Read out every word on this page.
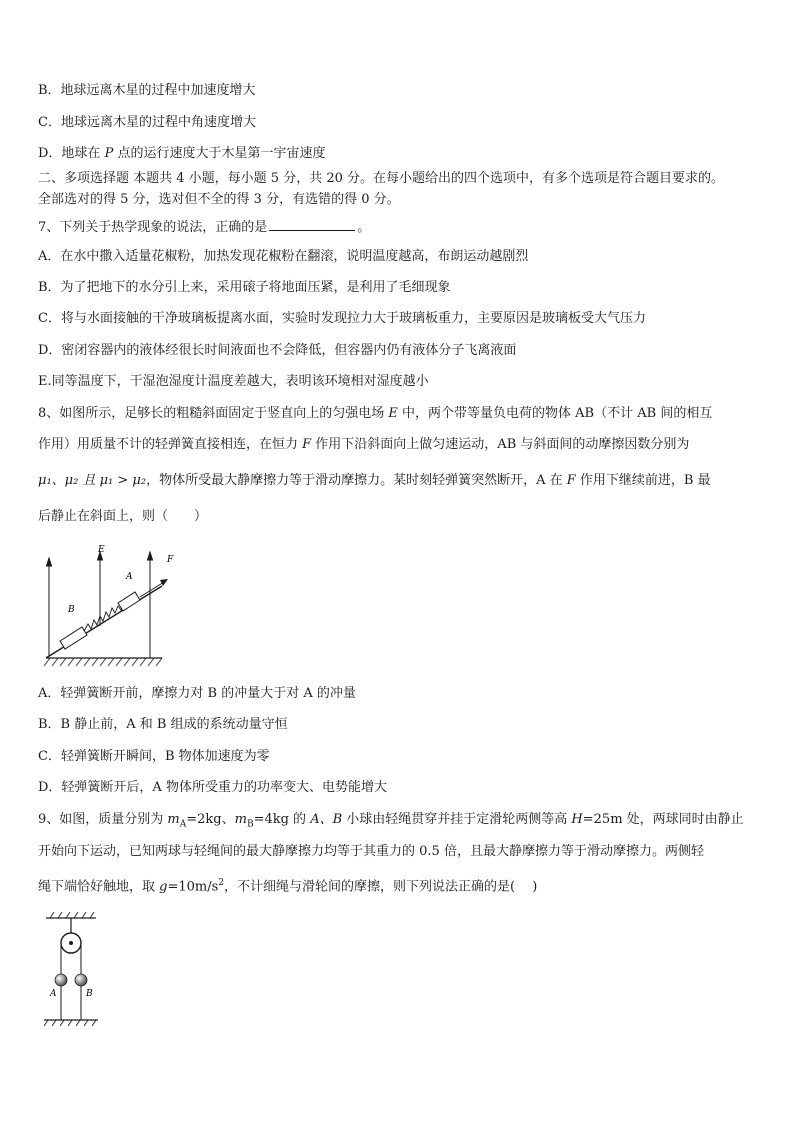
B．地球远离木星的过程中加速度增大
C．地球远离木星的过程中角速度增大
D．地球在 P 点的运行速度大于木星第一宇宙速度
二、多项选择题 本题共 4 小题，每小题 5 分，共 20 分。在每小题给出的四个选项中，有多个选项是符合题目要求的。
全部选对的得 5 分，选对但不全的得 3 分，有选错的得 0 分。
7、下列关于热学现象的说法，正确的是	。
A．在水中撒入适量花椒粉，加热发现花椒粉在翻滚，说明温度越高，布朗运动越剧烈
B．为了把地下的水分引上来，采用磙子将地面压紧，是利用了毛细现象
C．将与水面接触的干净玻璃板提离水面，实验时发现拉力大于玻璃板重力，主要原因是玻璃板受大气压力
D．密闭容器内的液体经很长时间液面也不会降低，但容器内仍有液体分子飞离液面
E.同等温度下，干湿泡湿度计温度差越大，表明该环境相对湿度越小
8、如图所示，足够长的粗糙斜面固定于竖直向上的匀强电场 E 中，两个带等量负电荷的物体 AB（不计 AB 间的相互
作用）用质量不计的轻弹簧直接相连，在恒力 F 作用下沿斜面向上做匀速运动，AB 与斜面间的动摩擦因数分别为
μ₁、μ₂ 且 μ₁ > μ₂，物体所受最大静摩擦力等于滑动摩擦力。某时刻轻弹簧突然断开，A 在 F 作用下继续前进，B 最
后静止在斜面上，则（　　）
E
F
A
B
A．轻弹簧断开前，摩擦力对 B 的冲量大于对 A 的冲量
B．B 静止前，A 和 B 组成的系统动量守恒
C．轻弹簧断开瞬间，B 物体加速度为零
D．轻弹簧断开后，A 物体所受重力的功率变大、电势能增大
9、如图，质量分别为 $m_A=2kg$、$m_B=4kg$ 的 A、B 小球由轻绳贯穿并挂于定滑轮两侧等高 H=25m 处，两球同时由静止
开始向下运动，已知两球与轻绳间的最大静摩擦力均等于其重力的 0.5 倍，且最大静摩擦力等于滑动摩擦力。两侧轻
绳下端恰好触地，取 $g=10m/s^2$，不计细绳与滑轮间的摩擦，则下列说法正确的是(　 )
A	B
